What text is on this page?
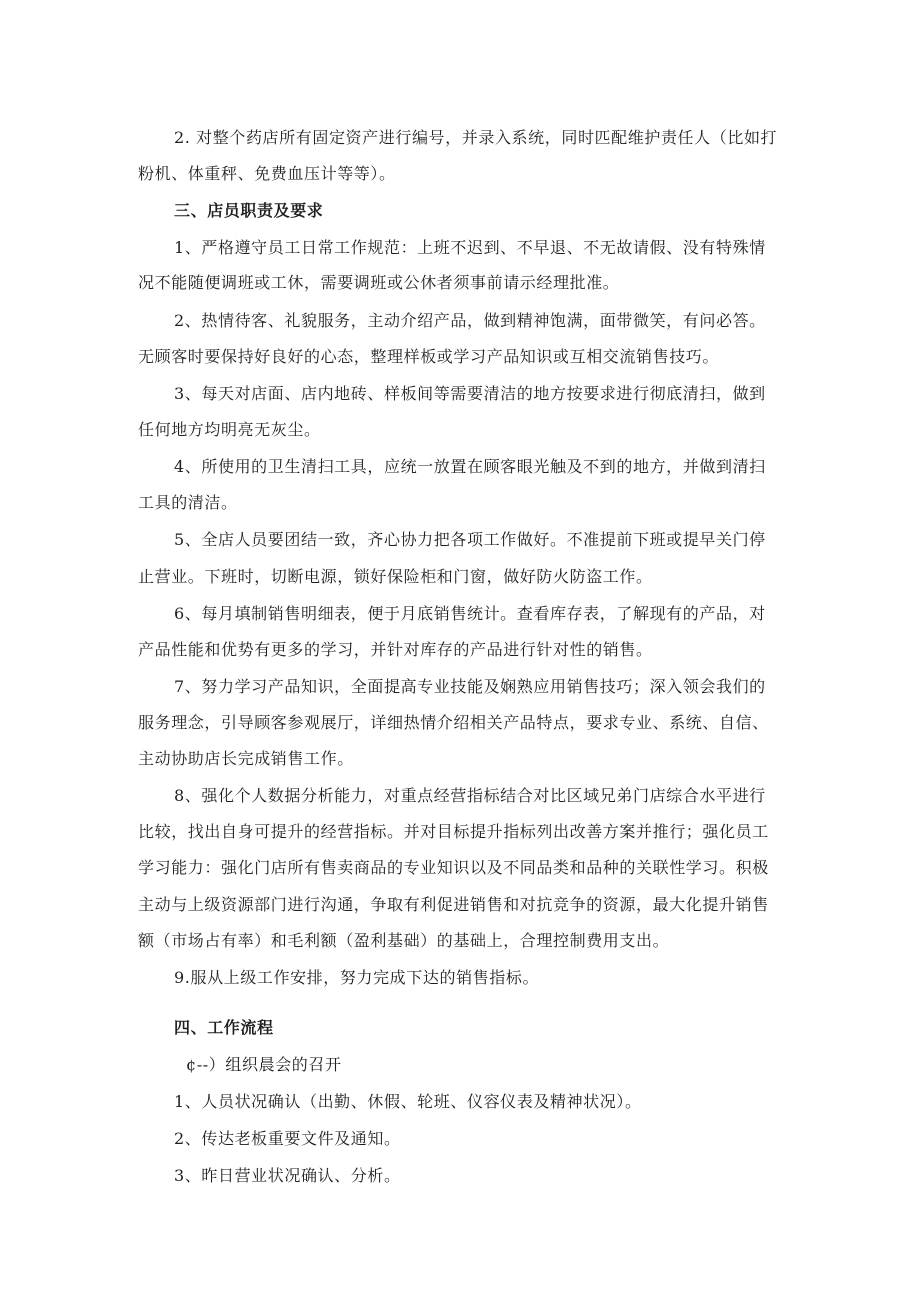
2. 对整个药店所有固定资产进行编号，并录入系统，同时匹配维护责任人（比如打
粉机、体重秤、免费血压计等等）。
三、店员职责及要求
1、严格遵守员工日常工作规范：上班不迟到、不早退、不无故请假、没有特殊情
况不能随便调班或工休，需要调班或公休者须事前请示经理批准。
2、热情待客、礼貌服务，主动介绍产品，做到精神饱满，面带微笑，有问必答。
无顾客时要保持好良好的心态，整理样板或学习产品知识或互相交流销售技巧。
3、每天对店面、店内地砖、样板间等需要清洁的地方按要求进行彻底清扫，做到
任何地方均明亮无灰尘。
4、所使用的卫生清扫工具，应统一放置在顾客眼光触及不到的地方，并做到清扫
工具的清洁。
5、全店人员要团结一致，齐心协力把各项工作做好。不准提前下班或提早关门停
止营业。下班时，切断电源，锁好保险柜和门窗，做好防火防盗工作。
6、每月填制销售明细表，便于月底销售统计。查看库存表，了解现有的产品，对
产品性能和优势有更多的学习，并针对库存的产品进行针对性的销售。
7、努力学习产品知识，全面提高专业技能及娴熟应用销售技巧；深入领会我们的
服务理念，引导顾客参观展厅，详细热情介绍相关产品特点，要求专业、系统、自信、
主动协助店长完成销售工作。
8、强化个人数据分析能力，对重点经营指标结合对比区域兄弟门店综合水平进行
比较，找出自身可提升的经营指标。并对目标提升指标列出改善方案并推行；强化员工
学习能力：强化门店所有售卖商品的专业知识以及不同品类和品种的关联性学习。积极
主动与上级资源部门进行沟通，争取有利促进销售和对抗竞争的资源，最大化提升销售
额（市场占有率）和毛利额（盈利基础）的基础上，合理控制费用支出。
9.服从上级工作安排，努力完成下达的销售指标。
四、工作流程
¢--）组织晨会的召开
1、人员状况确认（出勤、休假、轮班、仪容仪表及精神状况）。
2、传达老板重要文件及通知。
3、昨日营业状况确认、分析。
